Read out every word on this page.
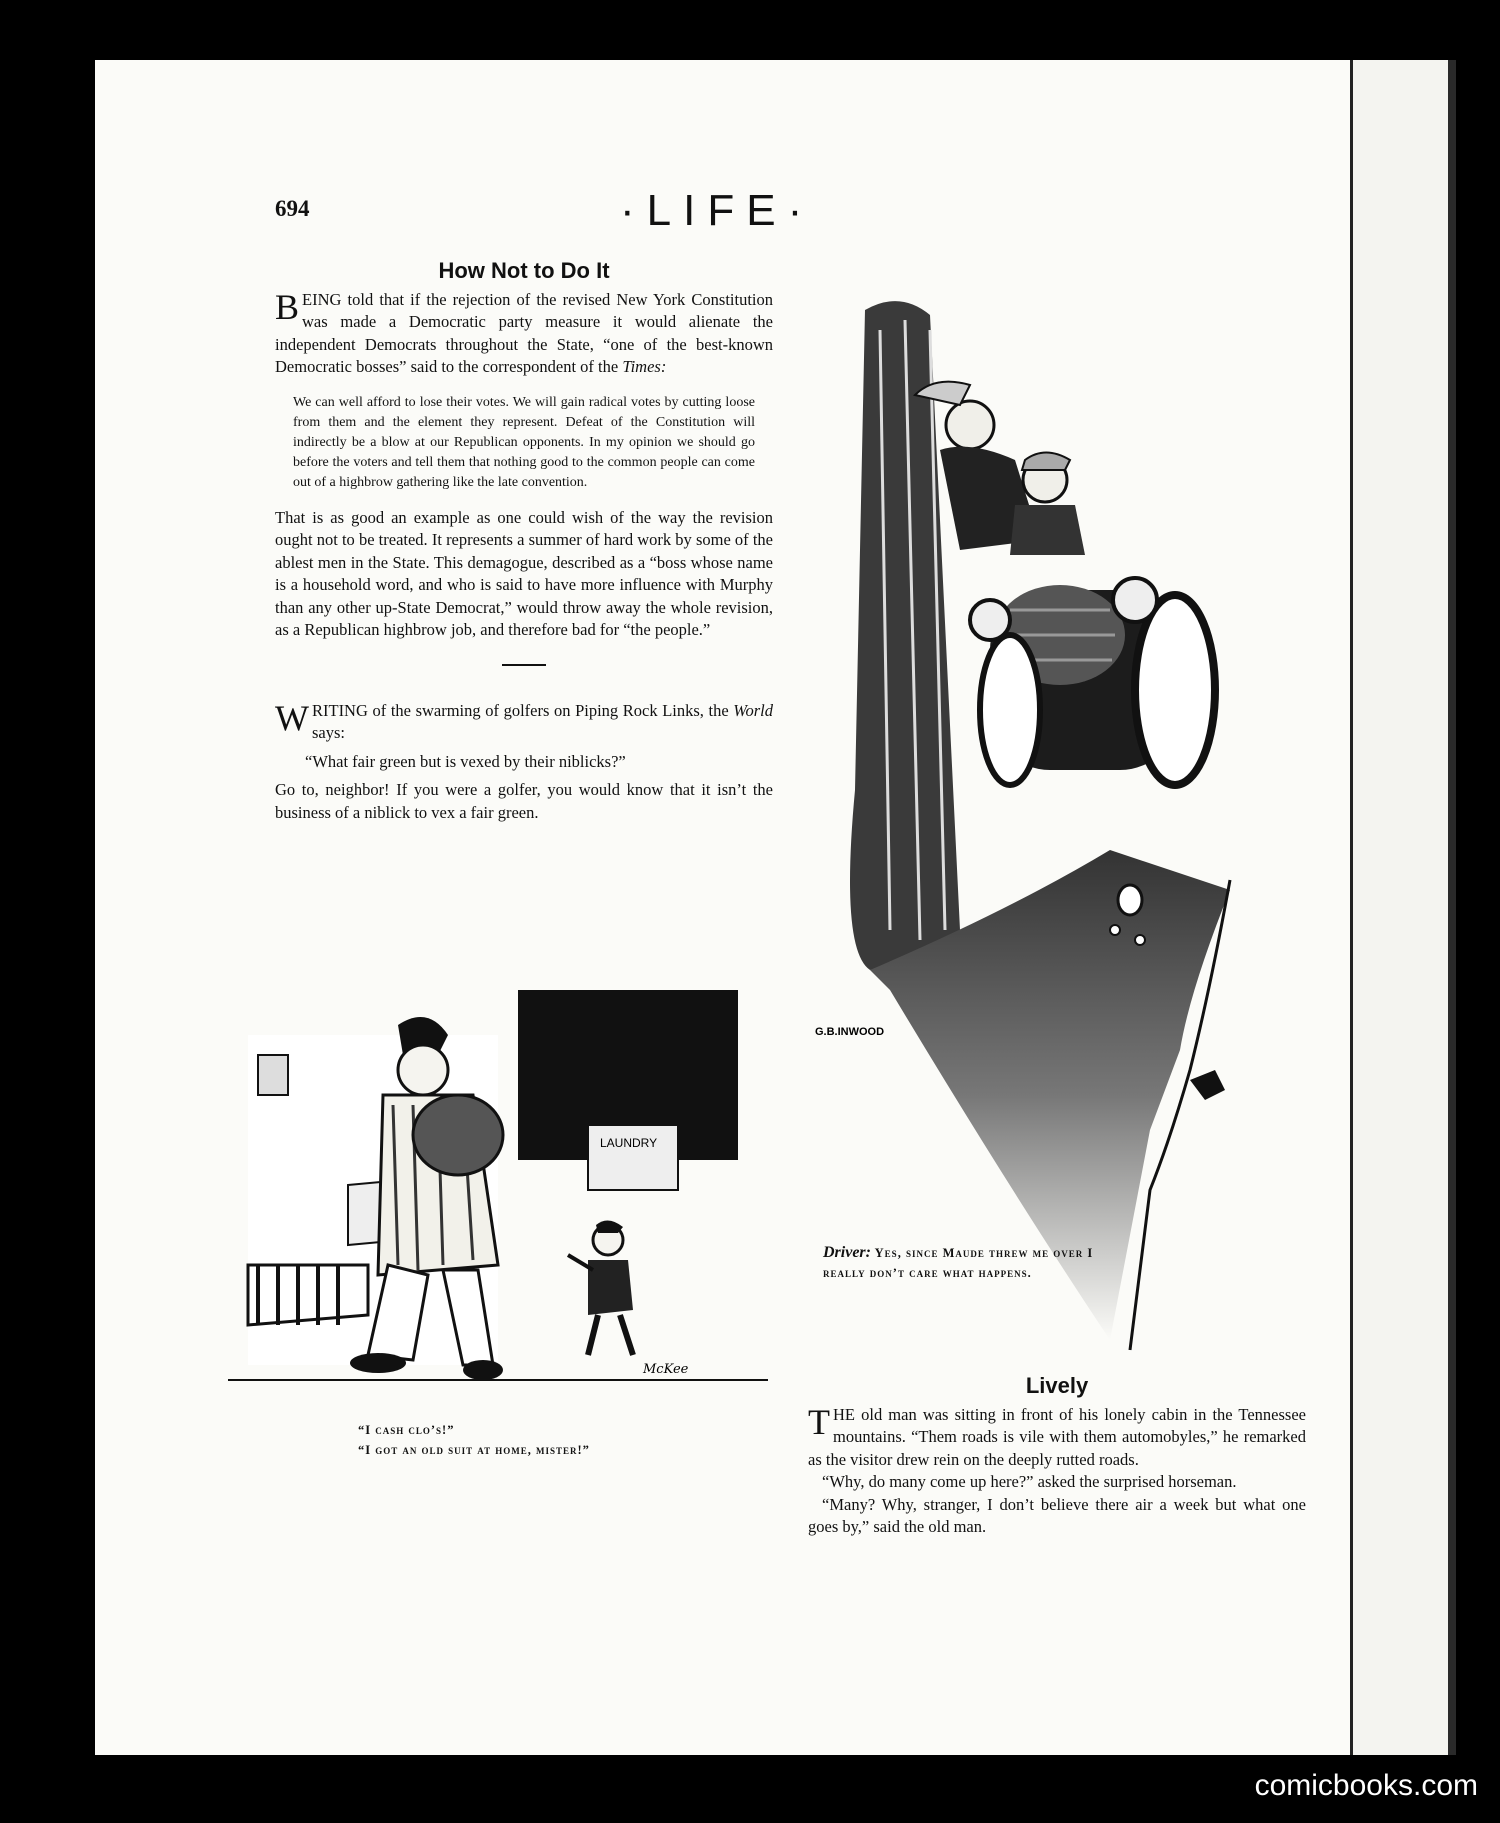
694	·LIFE·
How Not to Do It

BEING told that if the rejection of the revised New York Constitution was made a Democratic party measure it would alienate the independent Democrats throughout the State, “one of the best-known Democratic bosses” said to the correspondent of the Times:

We can well afford to lose their votes. We will gain radical votes by cutting loose from them and the element they represent. Defeat of the Constitution will indirectly be a blow at our Republican opponents. In my opinion we should go before the voters and tell them that nothing good to the common people can come out of a highbrow gathering like the late convention.

That is as good an example as one could wish of the way the revision ought not to be treated. It represents a summer of hard work by some of the ablest men in the State. This demagogue, described as a “boss whose name is a household word, and who is said to have more influence with Murphy than any other up-State Democrat,” would throw away the whole revision, as a Republican highbrow job, and therefore bad for “the people.”

WRITING of the swarming of golfers on Piping Rock Links, the World says:

“What fair green but is vexed by their niblicks?”

Go to, neighbor! If you were a golfer, you would know that it isn’t the business of a niblick to vex a fair green.

G.B.INWOOD
Driver: Yes, since Maude threw me over I really don’t care what happens.
LAUNDRY
McKee
“I cash clo’s!”
“I got an old suit at home, mister!”
Lively

THE old man was sitting in front of his lonely cabin in the Tennessee mountains. “Them roads is vile with them automobyles,” he remarked as the visitor drew rein on the deeply rutted roads.

“Why, do many come up here?” asked the surprised horseman.

“Many? Why, stranger, I don’t believe there air a week but what one goes by,” said the old man.

comicbooks.com
